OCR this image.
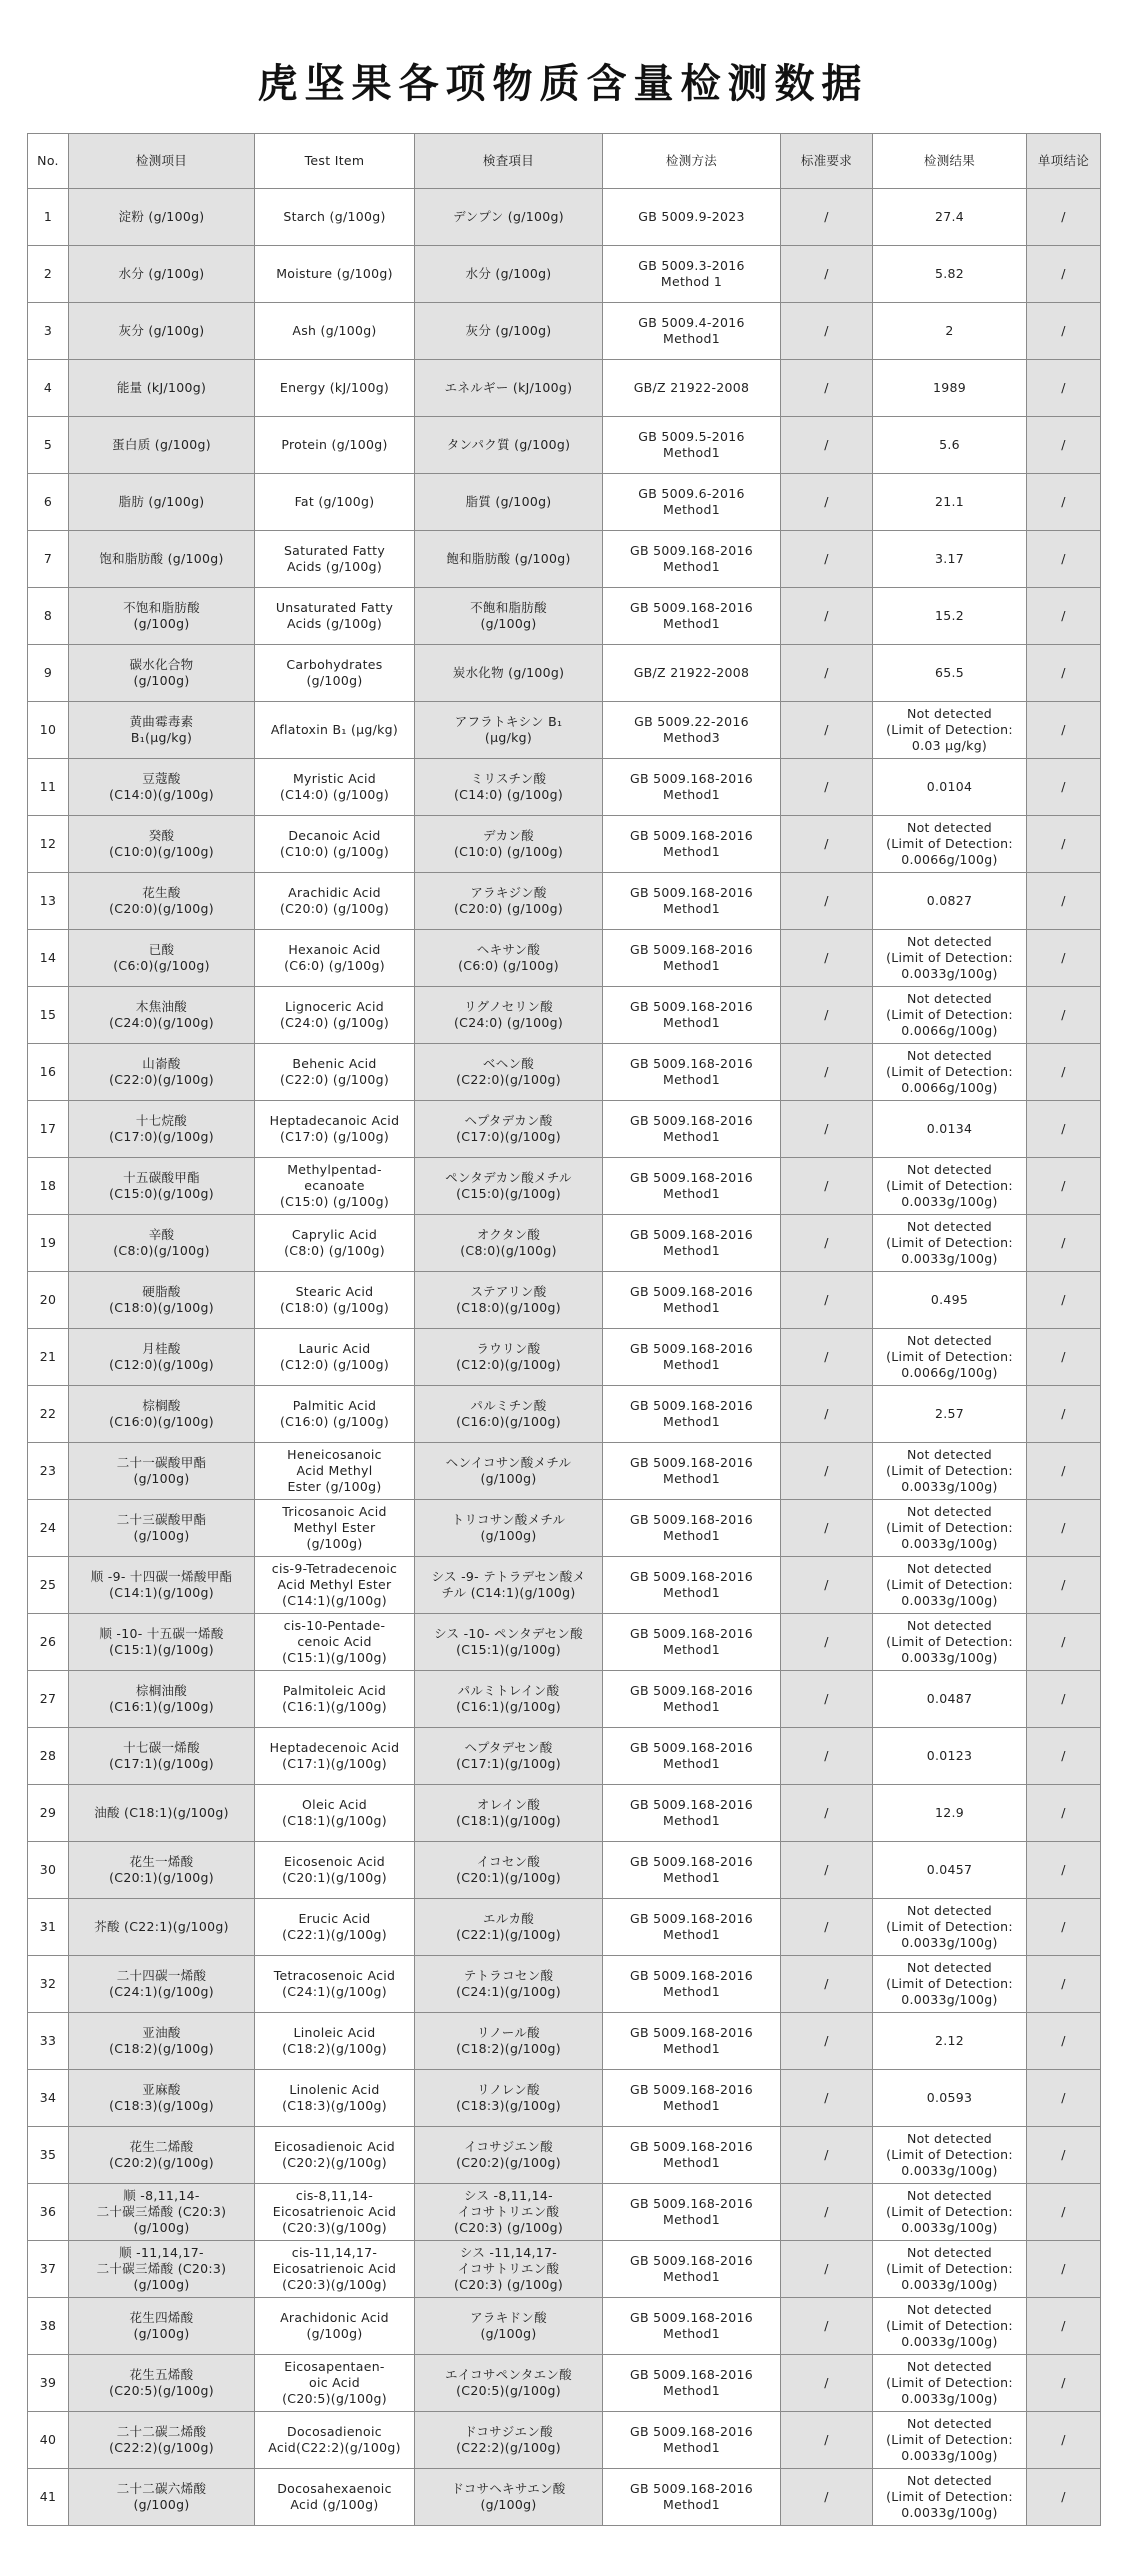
虎坚果各项物质含量检测数据
No.	检测项目	Test Item	検査項目	检测方法	标准要求	检测结果	单项结论
1	淀粉 (g/100g)	Starch (g/100g)	デンプン (g/100g)	GB 5009.9-2023	/	27.4	/
2	水分 (g/100g)	Moisture (g/100g)	水分 (g/100g)	GB 5009.3-2016
Method 1	/	5.82	/
3	灰分 (g/100g)	Ash (g/100g)	灰分 (g/100g)	GB 5009.4-2016
Method1	/	2	/
4	能量 (kJ/100g)	Energy (kJ/100g)	エネルギー (kJ/100g)	GB/Z 21922-2008	/	1989	/
5	蛋白质 (g/100g)	Protein (g/100g)	タンパク質 (g/100g)	GB 5009.5-2016
Method1	/	5.6	/
6	脂肪 (g/100g)	Fat (g/100g)	脂質 (g/100g)	GB 5009.6-2016
Method1	/	21.1	/
7	饱和脂肪酸 (g/100g)	Saturated Fatty
Acids (g/100g)	飽和脂肪酸 (g/100g)	GB 5009.168-2016
Method1	/	3.17	/
8	不饱和脂肪酸
(g/100g)	Unsaturated Fatty
Acids (g/100g)	不飽和脂肪酸
(g/100g)	GB 5009.168-2016
Method1	/	15.2	/
9	碳水化合物
(g/100g)	Carbohydrates
(g/100g)	炭水化物 (g/100g)	GB/Z 21922-2008	/	65.5	/
10	黄曲霉毒素
B₁(μg/kg)	Aflatoxin B₁ (μg/kg)	アフラトキシン B₁
(μg/kg)	GB 5009.22-2016
Method3	/	Not detected
(Limit of Detection:
0.03 μg/kg)	/
11	豆蔻酸
(C14:0)(g/100g)	Myristic Acid
(C14:0) (g/100g)	ミリスチン酸
(C14:0) (g/100g)	GB 5009.168-2016
Method1	/	0.0104	/
12	癸酸
(C10:0)(g/100g)	Decanoic Acid
(C10:0) (g/100g)	デカン酸
(C10:0) (g/100g)	GB 5009.168-2016
Method1	/	Not detected
(Limit of Detection:
0.0066g/100g)	/
13	花生酸
(C20:0)(g/100g)	Arachidic Acid
(C20:0) (g/100g)	アラキジン酸
(C20:0) (g/100g)	GB 5009.168-2016
Method1	/	0.0827	/
14	已酸
(C6:0)(g/100g)	Hexanoic Acid
(C6:0) (g/100g)	ヘキサン酸
(C6:0) (g/100g)	GB 5009.168-2016
Method1	/	Not detected
(Limit of Detection:
0.0033g/100g)	/
15	木焦油酸
(C24:0)(g/100g)	Lignoceric Acid
(C24:0) (g/100g)	リグノセリン酸
(C24:0) (g/100g)	GB 5009.168-2016
Method1	/	Not detected
(Limit of Detection:
0.0066g/100g)	/
16	山嵛酸
(C22:0)(g/100g)	Behenic Acid
(C22:0) (g/100g)	ベヘン酸
(C22:0)(g/100g)	GB 5009.168-2016
Method1	/	Not detected
(Limit of Detection:
0.0066g/100g)	/
17	十七烷酸
(C17:0)(g/100g)	Heptadecanoic Acid
(C17:0) (g/100g)	ヘプタデカン酸
(C17:0)(g/100g)	GB 5009.168-2016
Method1	/	0.0134	/
18	十五碳酸甲酯
(C15:0)(g/100g)	Methylpentad-
ecanoate
(C15:0) (g/100g)	ペンタデカン酸メチル
(C15:0)(g/100g)	GB 5009.168-2016
Method1	/	Not detected
(Limit of Detection:
0.0033g/100g)	/
19	辛酸
(C8:0)(g/100g)	Caprylic Acid
(C8:0) (g/100g)	オクタン酸
(C8:0)(g/100g)	GB 5009.168-2016
Method1	/	Not detected
(Limit of Detection:
0.0033g/100g)	/
20	硬脂酸
(C18:0)(g/100g)	Stearic Acid
(C18:0) (g/100g)	ステアリン酸
(C18:0)(g/100g)	GB 5009.168-2016
Method1	/	0.495	/
21	月桂酸
(C12:0)(g/100g)	Lauric Acid
(C12:0) (g/100g)	ラウリン酸
(C12:0)(g/100g)	GB 5009.168-2016
Method1	/	Not detected
(Limit of Detection:
0.0066g/100g)	/
22	棕榈酸
(C16:0)(g/100g)	Palmitic Acid
(C16:0) (g/100g)	パルミチン酸
(C16:0)(g/100g)	GB 5009.168-2016
Method1	/	2.57	/
23	二十一碳酸甲酯
(g/100g)	Heneicosanoic
Acid Methyl
Ester (g/100g)	ヘンイコサン酸メチル
(g/100g)	GB 5009.168-2016
Method1	/	Not detected
(Limit of Detection:
0.0033g/100g)	/
24	二十三碳酸甲酯
(g/100g)	Tricosanoic Acid
Methyl Ester
(g/100g)	トリコサン酸メチル
(g/100g)	GB 5009.168-2016
Method1	/	Not detected
(Limit of Detection:
0.0033g/100g)	/
25	顺 -9- 十四碳一烯酸甲酯
(C14:1)(g/100g)	cis-9-Tetradecenoic
Acid Methyl Ester
(C14:1)(g/100g)	シス -9- テトラデセン酸メ
チル (C14:1)(g/100g)	GB 5009.168-2016
Method1	/	Not detected
(Limit of Detection:
0.0033g/100g)	/
26	顺 -10- 十五碳一烯酸
(C15:1)(g/100g)	cis-10-Pentade-
cenoic Acid
(C15:1)(g/100g)	シス -10- ペンタデセン酸
(C15:1)(g/100g)	GB 5009.168-2016
Method1	/	Not detected
(Limit of Detection:
0.0033g/100g)	/
27	棕榈油酸
(C16:1)(g/100g)	Palmitoleic Acid
(C16:1)(g/100g)	パルミトレイン酸
(C16:1)(g/100g)	GB 5009.168-2016
Method1	/	0.0487	/
28	十七碳一烯酸
(C17:1)(g/100g)	Heptadecenoic Acid
(C17:1)(g/100g)	ヘプタデセン酸
(C17:1)(g/100g)	GB 5009.168-2016
Method1	/	0.0123	/
29	油酸 (C18:1)(g/100g)	Oleic Acid
(C18:1)(g/100g)	オレイン酸
(C18:1)(g/100g)	GB 5009.168-2016
Method1	/	12.9	/
30	花生一烯酸
(C20:1)(g/100g)	Eicosenoic Acid
(C20:1)(g/100g)	イコセン酸
(C20:1)(g/100g)	GB 5009.168-2016
Method1	/	0.0457	/
31	芥酸 (C22:1)(g/100g)	Erucic Acid
(C22:1)(g/100g)	エルカ酸
(C22:1)(g/100g)	GB 5009.168-2016
Method1	/	Not detected
(Limit of Detection:
0.0033g/100g)	/
32	二十四碳一烯酸
(C24:1)(g/100g)	Tetracosenoic Acid
(C24:1)(g/100g)	テトラコセン酸
(C24:1)(g/100g)	GB 5009.168-2016
Method1	/	Not detected
(Limit of Detection:
0.0033g/100g)	/
33	亚油酸
(C18:2)(g/100g)	Linoleic Acid
(C18:2)(g/100g)	リノール酸
(C18:2)(g/100g)	GB 5009.168-2016
Method1	/	2.12	/
34	亚麻酸
(C18:3)(g/100g)	Linolenic Acid
(C18:3)(g/100g)	リノレン酸
(C18:3)(g/100g)	GB 5009.168-2016
Method1	/	0.0593	/
35	花生二烯酸
(C20:2)(g/100g)	Eicosadienoic Acid
(C20:2)(g/100g)	イコサジエン酸
(C20:2)(g/100g)	GB 5009.168-2016
Method1	/	Not detected
(Limit of Detection:
0.0033g/100g)	/
36	顺 -8,11,14-
二十碳三烯酸 (C20:3)
(g/100g)	cis-8,11,14-
Eicosatrienoic Acid
(C20:3)(g/100g)	シス -8,11,14-
イコサトリエン酸
(C20:3) (g/100g)	GB 5009.168-2016
Method1	/	Not detected
(Limit of Detection:
0.0033g/100g)	/
37	顺 -11,14,17-
二十碳三烯酸 (C20:3)
(g/100g)	cis-11,14,17-
Eicosatrienoic Acid
(C20:3)(g/100g)	シス -11,14,17-
イコサトリエン酸
(C20:3) (g/100g)	GB 5009.168-2016
Method1	/	Not detected
(Limit of Detection:
0.0033g/100g)	/
38	花生四烯酸
(g/100g)	Arachidonic Acid
(g/100g)	アラキドン酸
(g/100g)	GB 5009.168-2016
Method1	/	Not detected
(Limit of Detection:
0.0033g/100g)	/
39	花生五烯酸
(C20:5)(g/100g)	Eicosapentaen-
oic Acid
(C20:5)(g/100g)	エイコサペンタエン酸
(C20:5)(g/100g)	GB 5009.168-2016
Method1	/	Not detected
(Limit of Detection:
0.0033g/100g)	/
40	二十二碳二烯酸
(C22:2)(g/100g)	Docosadienoic
Acid(C22:2)(g/100g)	ドコサジエン酸
(C22:2)(g/100g)	GB 5009.168-2016
Method1	/	Not detected
(Limit of Detection:
0.0033g/100g)	/
41	二十二碳六烯酸
(g/100g)	Docosahexaenoic
Acid (g/100g)	ドコサヘキサエン酸
(g/100g)	GB 5009.168-2016
Method1	/	Not detected
(Limit of Detection:
0.0033g/100g)	/
